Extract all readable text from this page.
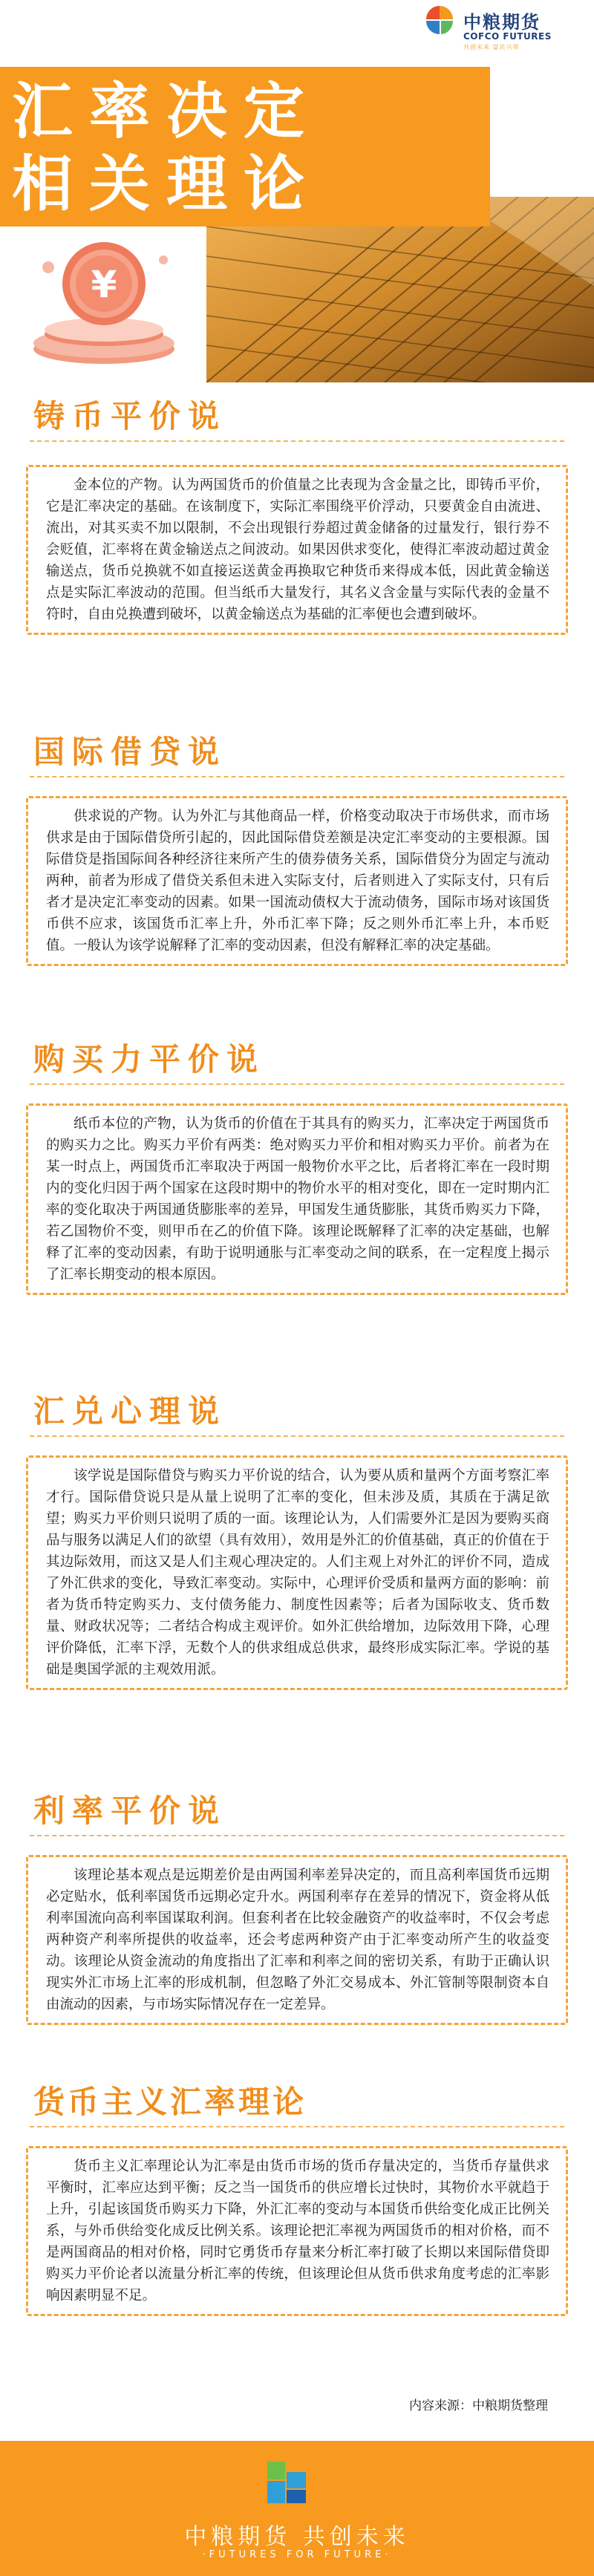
中粮期货
COFCO FUTURES
共创未来 富民兴邦
汇率决定
相关理论
¥
铸币平价说

金本位的产物。认为两国货币的价值量之比表现为含金量之比，即铸币平价，它是汇率决定的基础。在该制度下，实际汇率围绕平价浮动，只要黄金自由流进、流出，对其买卖不加以限制，不会出现银行券超过黄金储备的过量发行，银行券不会贬值，汇率将在黄金输送点之间波动。如果因供求变化，使得汇率波动超过黄金输送点，货币兑换就不如直接运送黄金再换取它种货币来得成本低，因此黄金输送点是实际汇率波动的范围。但当纸币大量发行，其名义含金量与实际代表的金量不符时，自由兑换遭到破坏，以黄金输送点为基础的汇率便也会遭到破坏。

国际借贷说

供求说的产物。认为外汇与其他商品一样，价格变动取决于市场供求，而市场供求是由于国际借贷所引起的，因此国际借贷差额是决定汇率变动的主要根源。国际借贷是指国际间各种经济往来所产生的债券债务关系，国际借贷分为固定与流动两种，前者为形成了借贷关系但未进入实际支付，后者则进入了实际支付，只有后者才是决定汇率变动的因素。如果一国流动债权大于流动债务，国际市场对该国货币供不应求，该国货币汇率上升，外币汇率下降；反之则外币汇率上升，本币贬值。一般认为该学说解释了汇率的变动因素，但没有解释汇率的决定基础。

购买力平价说

纸币本位的产物，认为货币的价值在于其具有的购买力，汇率决定于两国货币的购买力之比。购买力平价有两类：绝对购买力平价和相对购买力平价。前者为在某一时点上，两国货币汇率取决于两国一般物价水平之比，后者将汇率在一段时期内的变化归因于两个国家在这段时期中的物价水平的相对变化，即在一定时期内汇率的变化取决于两国通货膨胀率的差异，甲国发生通货膨胀，其货币购买力下降，若乙国物价不变，则甲币在乙的价值下降。该理论既解释了汇率的决定基础，也解释了汇率的变动因素，有助于说明通胀与汇率变动之间的联系，在一定程度上揭示了汇率长期变动的根本原因。

汇兑心理说

该学说是国际借贷与购买力平价说的结合，认为要从质和量两个方面考察汇率才行。国际借贷说只是从量上说明了汇率的变化，但未涉及质，其质在于满足欲望；购买力平价则只说明了质的一面。该理论认为，人们需要外汇是因为要购买商品与服务以满足人们的欲望（具有效用），效用是外汇的价值基础，真正的价值在于其边际效用，而这又是人们主观心理决定的。人们主观上对外汇的评价不同，造成了外汇供求的变化，导致汇率变动。实际中，心理评价受质和量两方面的影响：前者为货币特定购买力、支付债务能力、制度性因素等；后者为国际收支、货币数量、财政状况等；二者结合构成主观评价。如外汇供给增加，边际效用下降，心理评价降低，汇率下浮，无数个人的供求组成总供求，最终形成实际汇率。学说的基础是奥国学派的主观效用派。

利率平价说

该理论基本观点是远期差价是由两国利率差异决定的，而且高利率国货币远期必定贴水，低利率国货币远期必定升水。两国利率存在差异的情况下，资金将从低利率国流向高利率国谋取利润。但套利者在比较金融资产的收益率时，不仅会考虑两种资产利率所提供的收益率，还会考虑两种资产由于汇率变动所产生的收益变动。该理论从资金流动的角度指出了汇率和利率之间的密切关系，有助于正确认识现实外汇市场上汇率的形成机制，但忽略了外汇交易成本、外汇管制等限制资本自由流动的因素，与市场实际情况存在一定差异。

货币主义汇率理论

货币主义汇率理论认为汇率是由货币市场的货币存量决定的，当货币存量供求平衡时，汇率应达到平衡；反之当一国货币的供应增长过快时，其物价水平就趋于上升，引起该国货币购买力下降，外汇汇率的变动与本国货币供给变化成正比例关系，与外币供给变化成反比例关系。该理论把汇率视为两国货币的相对价格，而不是两国商品的相对价格，同时它勇货币存量来分析汇率打破了长期以来国际借贷即购买力平价论者以流量分析汇率的传统，但该理论但从货币供求角度考虑的汇率影响因素明显不足。

内容来源：中粮期货整理
中粮期货 共创未来
·FUTURES FOR FUTURE·
